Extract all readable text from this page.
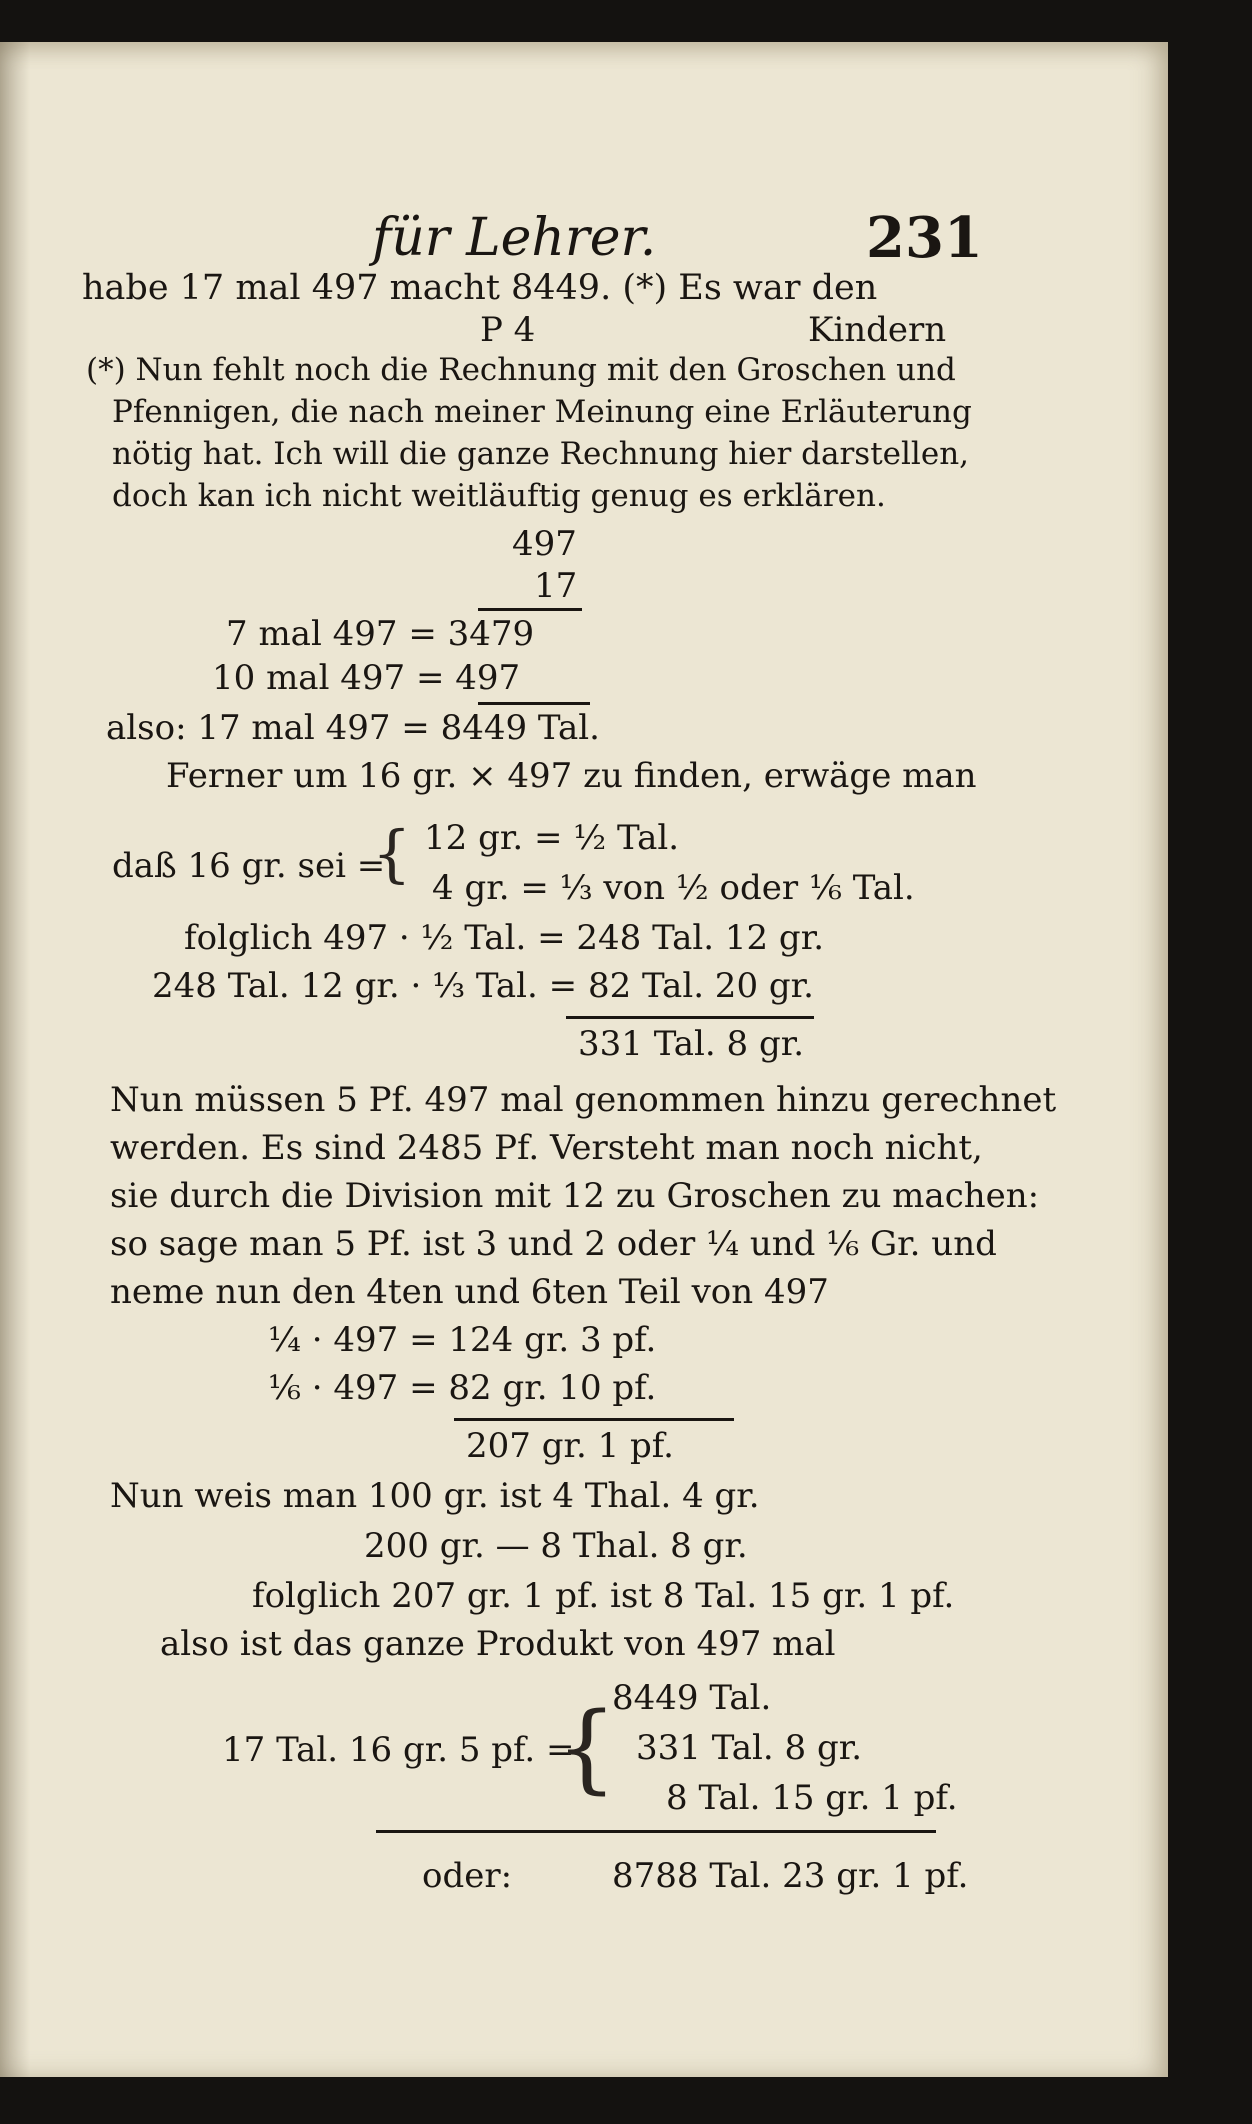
für Lehrer.	231
habe 17 mal 497 macht 8449. (*) Es war den
P 4	Kindern
(*) Nun fehlt noch die Rechnung mit den Groschen und
Pfennigen, die nach meiner Meinung eine Erläuterung
nötig hat. Ich will die ganze Rechnung hier darstellen,
doch kan ich nicht weitläuftig genug es erklären.
497
17
7 mal 497 = 3479
10 mal 497 = 497
also: 17 mal 497 = 8449 Tal.
Ferner um 16 gr. × 497 zu finden, erwäge man
daß 16 gr. sei =
{ 12 gr. = ½ Tal.
4 gr. = ⅓ von ½ oder ⅙ Tal.
folglich 497 · ½ Tal. = 248 Tal. 12 gr.
248 Tal. 12 gr. · ⅓ Tal. = 82 Tal. 20 gr.
331 Tal. 8 gr.
Nun müssen 5 Pf. 497 mal genommen hinzu gerechnet
werden. Es sind 2485 Pf. Versteht man noch nicht,
sie durch die Division mit 12 zu Groschen zu machen:
so sage man 5 Pf. ist 3 und 2 oder ¼ und ⅙ Gr. und
neme nun den 4ten und 6ten Teil von 497
¼ · 497 = 124 gr. 3 pf.
⅙ · 497 = 82 gr. 10 pf.
207 gr. 1 pf.
Nun weis man 100 gr. ist 4 Thal. 4 gr.
200 gr. — 8 Thal. 8 gr.
folglich 207 gr. 1 pf. ist 8 Tal. 15 gr. 1 pf.
also ist das ganze Produkt von 497 mal
17 Tal. 16 gr. 5 pf. =
{
8449 Tal.
331 Tal. 8 gr.
8 Tal. 15 gr. 1 pf.
oder:	8788 Tal. 23 gr. 1 pf.
